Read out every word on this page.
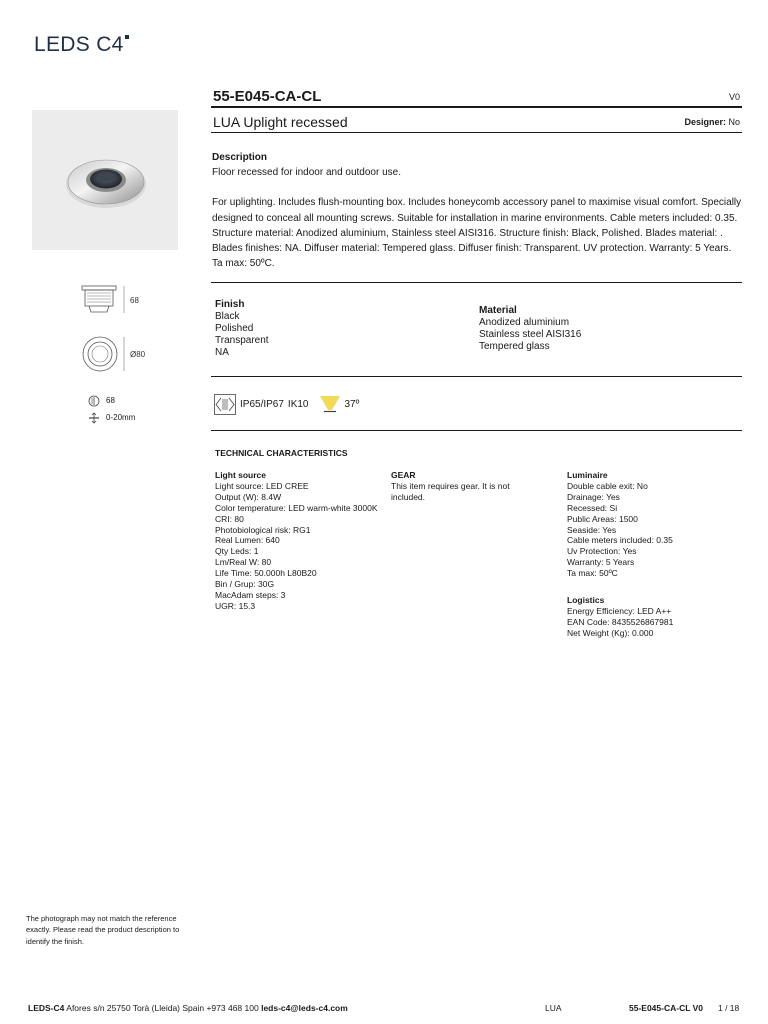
LEDS C4
55-E045-CA-CL	V0
LUA Uplight recessed	Designer: No
68
Ø80
68
0-20mm
Description

Floor recessed for indoor and outdoor use.

For uplighting. Includes flush-mounting box. Includes honeycomb accessory panel to maximise visual comfort. Specially designed to conceal all mounting screws. Suitable for installation in marine environments. Cable meters included: 0.35. Structure material: Anodized aluminium, Stainless steel AISI316. Structure finish: Black, Polished. Blades material: . Blades finishes: NA. Diffuser material: Tempered glass. Diffuser finish: Transparent. UV protection. Warranty: 5 Years. Ta max: 50ºC.

Finish
Black
Polished
Transparent
NA
Material
Anodized aluminium
Stainless steel AISI316
Tempered glass
IP65/IP67 IK10	37º
TECHNICAL CHARACTERISTICS
Light source
Light source: LED CREE
Output (W): 8.4W
Color temperature: LED warm-white 3000K
CRI: 80
Photobiological risk: RG1
Real Lumen: 640
Qty Leds: 1
Lm/Real W: 80
Life Time: 50.000h L80B20
Bin / Grup: 30G
MacAdam steps: 3
UGR: 15.3
GEAR
This item requires gear. It is not included.
Luminaire
Double cable exit: No
Drainage: Yes
Recessed: Si
Public Areas: 1500
Seaside: Yes
Cable meters included: 0.35
Uv Protection: Yes
Warranty: 5 Years
Ta max: 50ºC
Logistics
Energy Efficiency: LED A++
EAN Code: 8435526867981
Net Weight (Kg): 0.000
The photograph may not match the reference exactly. Please read the product description to identify the finish.
LEDS-C4 Afores s/n 25750 Torà (Lleida) Spain +973 468 100 leds-c4@leds-c4.com	LUA	55-E045-CA-CL V0 1 / 18
